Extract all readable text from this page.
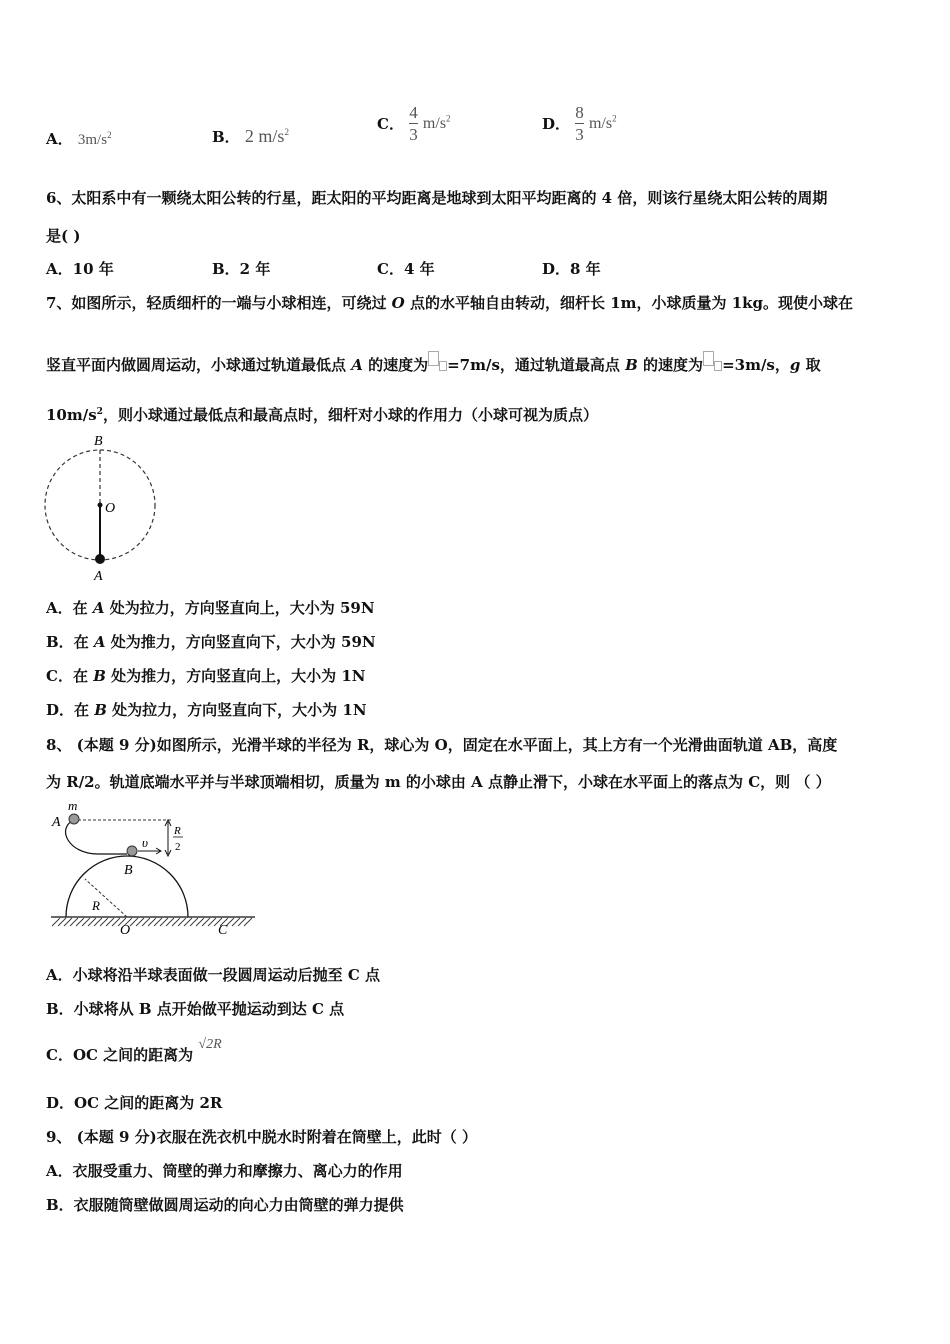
A． $3m/s^2$	B． 2 $m/s^2$	C． $\frac{4}{3} m/s^2$	D． $\frac{8}{3} m/s^2$
6、太阳系中有一颗绕太阳公转的行星，距太阳的平均距离是地球到太阳平均距离的 4 倍，则该行星绕太阳公转的周期
是( )
A．10 年	B．2 年	C．4 年	D．8 年
7、如图所示，轻质细杆的一端与小球相连，可绕过 O 点的水平轴自由转动，细杆长 1m，小球质量为 1kg。现使小球在
竖直平面内做圆周运动，小球通过轨道最低点 A 的速度为 =7m/s，通过轨道最高点 B 的速度为 =3m/s，g 取
$10m/s^2$，则小球通过最低点和最高点时，细杆对小球的作用力（小球可视为质点）
B
O
A
A．在 A 处为拉力，方向竖直向上，大小为 59N
B．在 A 处为推力，方向竖直向下，大小为 59N
C．在 B 处为推力，方向竖直向上，大小为 1N
D．在 B 处为拉力，方向竖直向下，大小为 1N
8、 (本题 9 分)如图所示，光滑半球的半径为 R，球心为 O，固定在水平面上，其上方有一个光滑曲面轨道 AB，高度
为 R/2。轨道底端水平并与半球顶端相切，质量为 m 的小球由 A 点静止滑下，小球在水平面上的落点为 C，则 （ ）
m
A
υ
B
R
O	C
R
2
A．小球将沿半球表面做一段圆周运动后抛至 C 点
B．小球将从 B 点开始做平抛运动到达 C 点
C．OC 之间的距离为 √2R
D．OC 之间的距离为 2R
9、 (本题 9 分)衣服在洗衣机中脱水时附着在筒壁上，此时（ ）
A．衣服受重力、筒壁的弹力和摩擦力、离心力的作用
B．衣服随筒壁做圆周运动的向心力由筒壁的弹力提供
